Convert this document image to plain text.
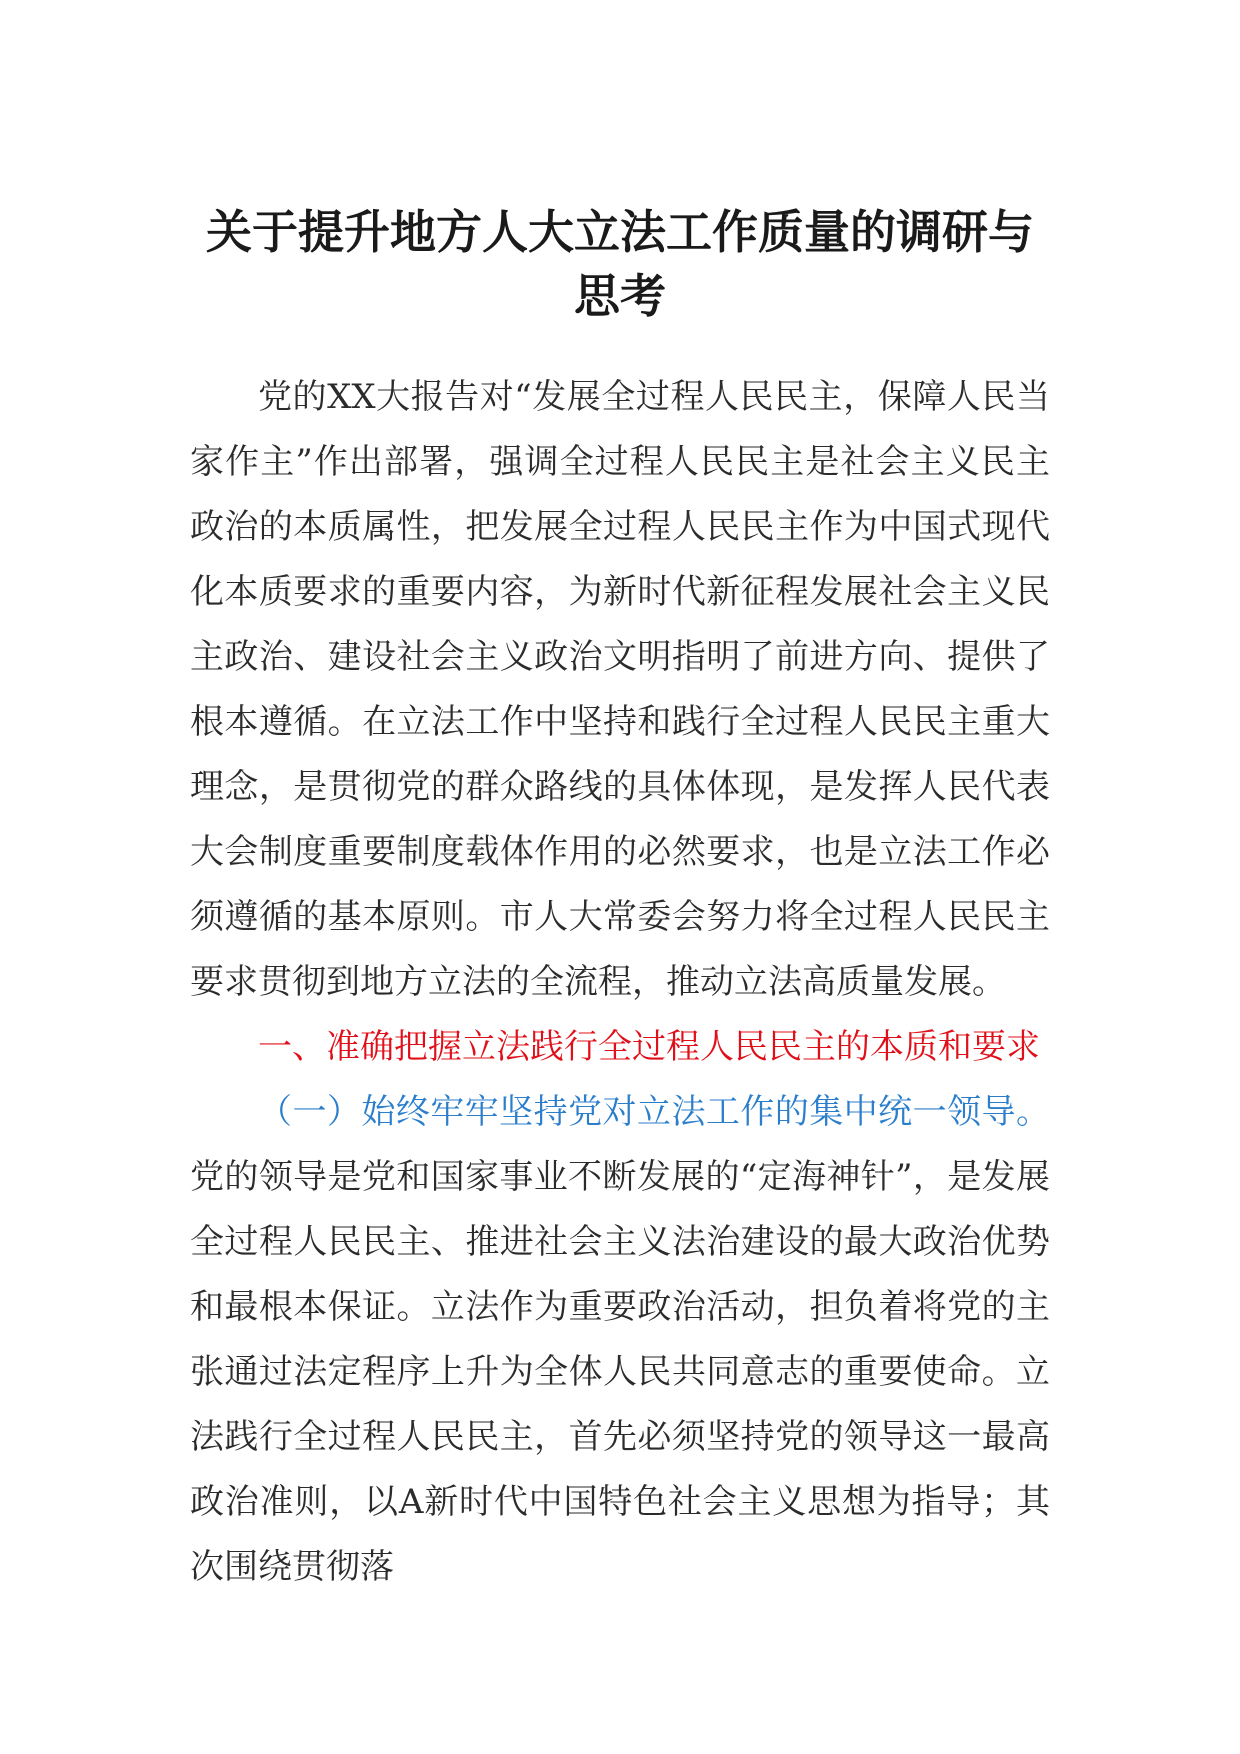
关于提升地方人大立法工作质量的调研与思考

党的XX大报告对“发展全过程人民民主，保障人民当家作主”作出部署，强调全过程人民民主是社会主义民主政治的本质属性，把发展全过程人民民主作为中国式现代化本质要求的重要内容，为新时代新征程发展社会主义民主政治、建设社会主义政治文明指明了前进方向、提供了根本遵循。在立法工作中坚持和践行全过程人民民主重大理念，是贯彻党的群众路线的具体体现，是发挥人民代表大会制度重要制度载体作用的必然要求，也是立法工作必须遵循的基本原则。市人大常委会努力将全过程人民民主要求贯彻到地方立法的全流程，推动立法高质量发展。

一、准确把握立法践行全过程人民民主的本质和要求

（一）始终牢牢坚持党对立法工作的集中统一领导。党的领导是党和国家事业不断发展的“定海神针”，是发展全过程人民民主、推进社会主义法治建设的最大政治优势和最根本保证。立法作为重要政治活动，担负着将党的主张通过法定程序上升为全体人民共同意志的重要使命。立法践行全过程人民民主，首先必须坚持党的领导这一最高政治准则，以A新时代中国特色社会主义思想为指导；其次围绕贯彻落
